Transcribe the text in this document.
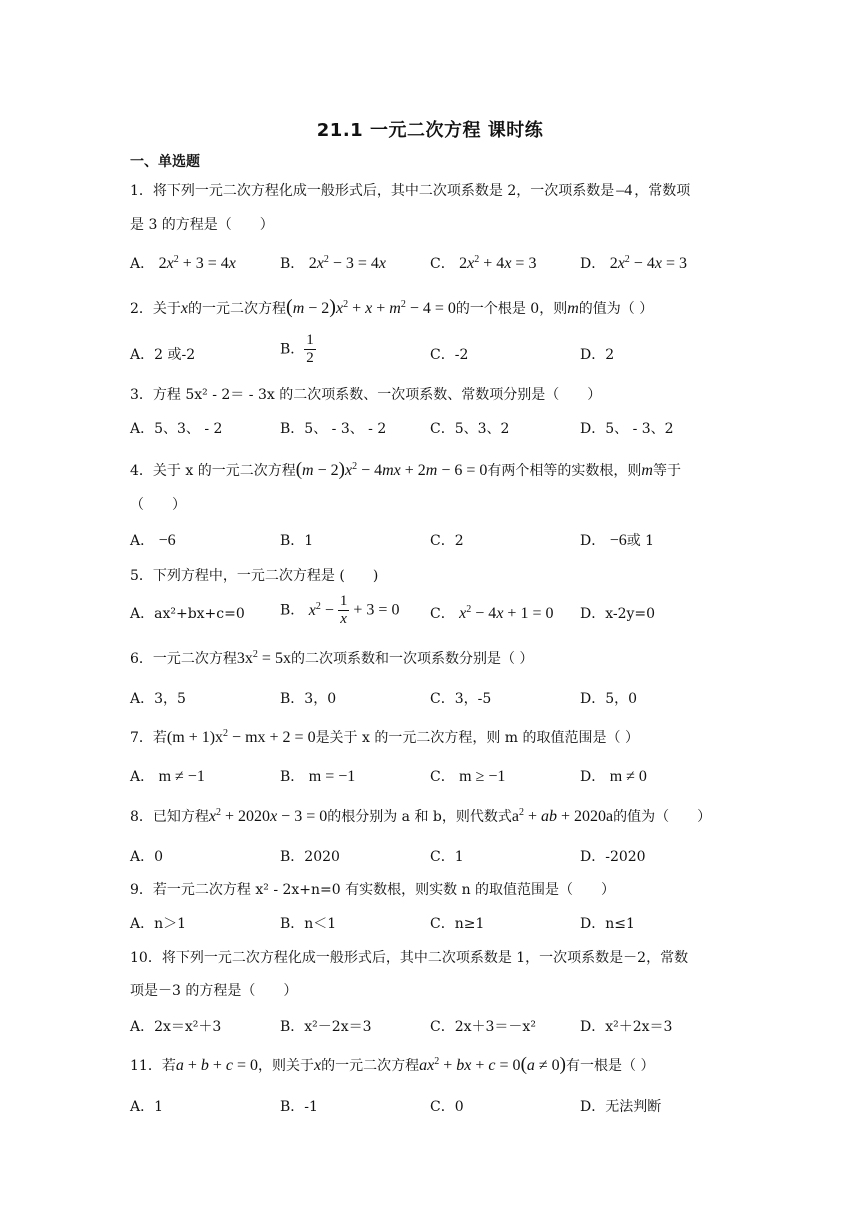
21.1 一元二次方程 课时练
一、单选题
1．将下列一元二次方程化成一般形式后，其中二次项系数是 2，一次项系数是 –4 ，常数项
是 3 的方程是（　　）
A． $2x^2 + 3 = 4x$	B． $2x^2 - 3 = 4x$	C． $2x^2 + 4x = 3$	D． $2x^2 - 4x = 3$
2．关于x的一元二次方程$(m - 2)x^2 + x + m^2 - 4 = 0$的一个根是 0，则m的值为（ ）
A．2 或-2	B． $\frac{1}{2}$	C．-2	D．2
3．方程 5x² - 2＝ - 3x 的二次项系数、一次项系数、常数项分别是（　　）
A．5、3、 - 2	B．5、 - 3、 - 2	C．5、3、2	D．5、 - 3、2
4．关于 x 的一元二次方程$(m - 2)x^2 - 4mx + 2m - 6 = 0$有两个相等的实数根，则m等于
（　　）
A． −6	B．1	C．2	D． −6或 1
5．下列方程中，一元二次方程是 (　　)
A．ax²+bx+c=0	B． $x^2 - \frac{1}{x} + 3 = 0$ C． $x^2 - 4x + 1 = 0$ D．x-2y=0
6．一元二次方程$3x^2 = 5x$的二次项系数和一次项系数分别是（ ）
A．3，5	B．3，0	C．3，-5	D．5，0
7．若$(m + 1)x^2$ − mx + 2 = 0是关于 x 的一元二次方程，则 m 的取值范围是（ ）
A． m ≠ −1	B． m = −1	C． m ≥ −1	D． m ≠ 0
8．已知方程$x^2 + 2020x - 3 = 0$的根分别为 a 和 b，则代数式$a^2$ + ab + 2020a的值为（　　）
A．0	B．2020	C．1	D．-2020
9．若一元二次方程 x² - 2x+n=0 有实数根，则实数 n 的取值范围是（　　）
A．n＞1	B．n＜1	C．n≥1	D．n≤1
10．将下列一元二次方程化成一般形式后，其中二次项系数是 1，一次项系数是－2，常数
项是－3 的方程是（　　）
A．2x＝x²＋3	B．x²－2x＝3	C．2x＋3＝－x²	D．x²＋2x＝3
11．若a + b + c = 0，则关于x的一元二次方程$ax^2$ + bx + c = 0(a ≠ 0)有一根是（ ）
A．1	B．-1	C．0	D．无法判断
